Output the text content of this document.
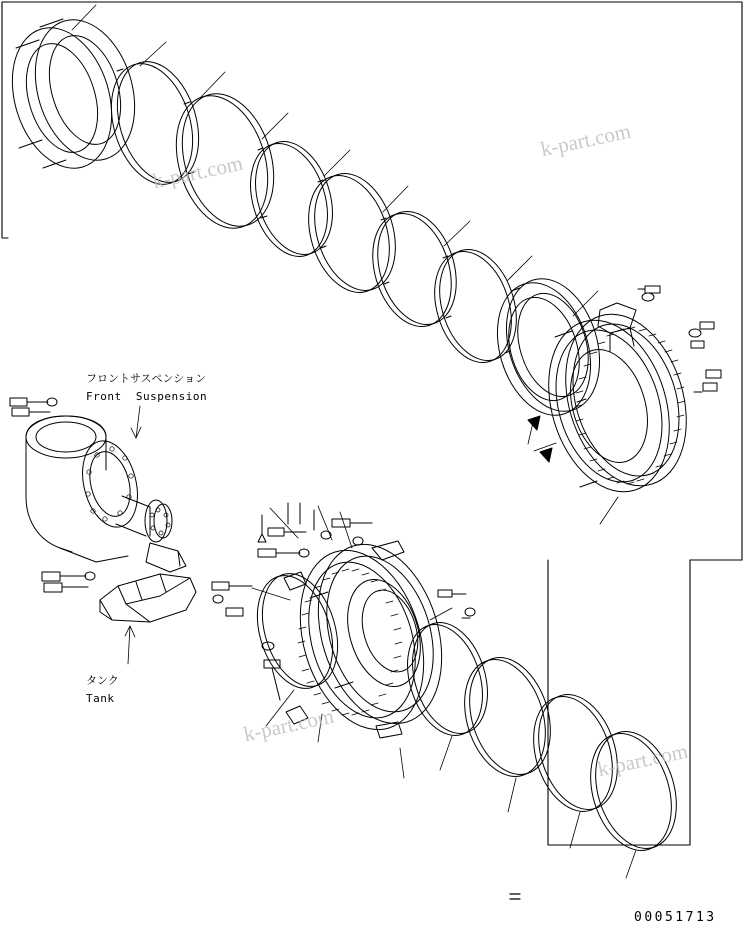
k-part.com
k-part.com
k-part.com
k-part.com
フロントサスペンション
Front  Suspension
タンク
Tank
00051713
